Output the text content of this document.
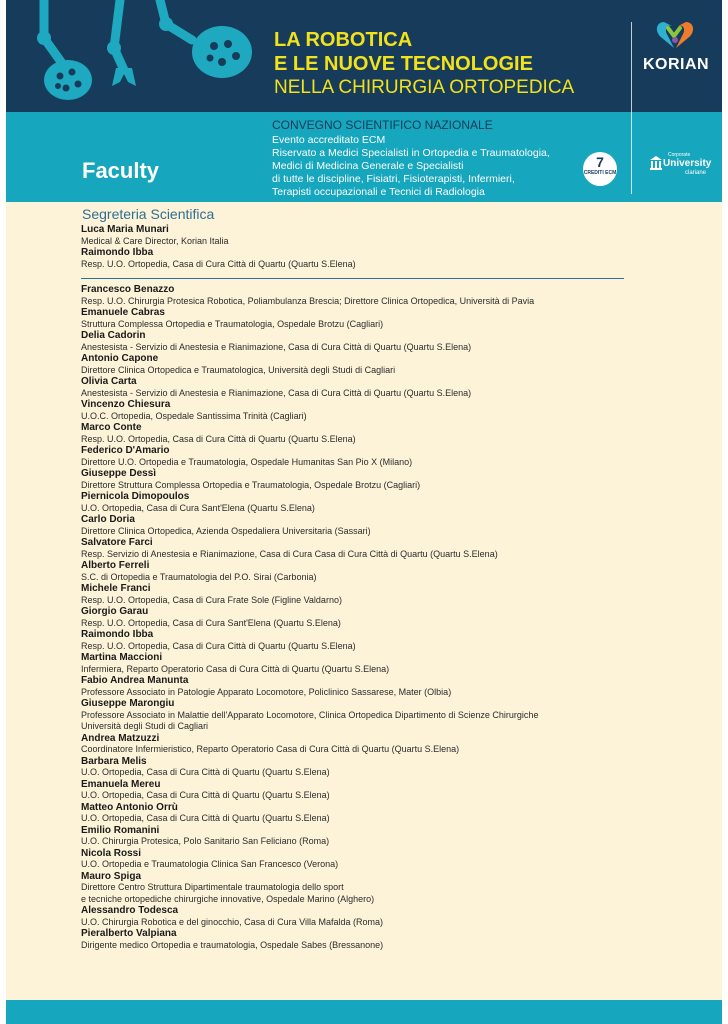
LA ROBOTICA
E LE NUOVE TECNOLOGIE
NELLA CHIRURGIA ORTOPEDICA
KORIAN
Faculty
CONVEGNO SCIENTIFICO NAZIONALE
Evento accreditato ECM
Riservato a Medici Specialisti in Ortopedia e Traumatologia,
Medici di Medicina Generale e Specialisti
di tutte le discipline, Fisiatri, Fisioterapisti, Infermieri,
Terapisti occupazionali e Tecnici di Radiologia
7
CREDITI ECM
Corporate
University
clariane
Segreteria Scientifica
Luca Maria Munari
Medical & Care Director, Korian Italia
Raimondo Ibba
Resp. U.O. Ortopedia, Casa di Cura Città di Quartu (Quartu S.Elena)
Francesco Benazzo
Resp. U.O. Chirurgia Protesica Robotica, Poliambulanza Brescia; Direttore Clinica Ortopedica, Università di Pavia
Emanuele Cabras
Struttura Complessa Ortopedia e Traumatologia, Ospedale Brotzu (Cagliari)
Delia Cadorin
Anestesista - Servizio di Anestesia e Rianimazione, Casa di Cura Città di Quartu (Quartu S.Elena)
Antonio Capone
Direttore Clinica Ortopedica e Traumatologica, Università degli Studi di Cagliari
Olivia Carta
Anestesista - Servizio di Anestesia e Rianimazione, Casa di Cura Città di Quartu (Quartu S.Elena)
Vincenzo Chiesura
U.O.C. Ortopedia, Ospedale Santissima Trinità (Cagliari)
Marco Conte
Resp. U.O. Ortopedia, Casa di Cura Città di Quartu (Quartu S.Elena)
Federico D'Amario
Direttore U.O. Ortopedia e Traumatologia, Ospedale Humanitas San Pio X (Milano)
Giuseppe Dessì
Direttore Struttura Complessa Ortopedia e Traumatologia, Ospedale Brotzu (Cagliari)
Piernicola Dimopoulos
U.O. Ortopedia, Casa di Cura Sant'Elena (Quartu S.Elena)
Carlo Doria
Direttore Clinica Ortopedica, Azienda Ospedaliera Universitaria (Sassari)
Salvatore Farci
Resp. Servizio di Anestesia e Rianimazione, Casa di Cura Casa di Cura Città di Quartu (Quartu S.Elena)
Alberto Ferreli
S.C. di Ortopedia e Traumatologia del P.O. Sirai (Carbonia)
Michele Franci
Resp. U.O. Ortopedia, Casa di Cura Frate Sole (Figline Valdarno)
Giorgio Garau
Resp. U.O. Ortopedia, Casa di Cura Sant'Elena (Quartu S.Elena)
Raimondo Ibba
Resp. U.O. Ortopedia, Casa di Cura Città di Quartu (Quartu S.Elena)
Martina Maccioni
Infermiera, Reparto Operatorio Casa di Cura Città di Quartu (Quartu S.Elena)
Fabio Andrea Manunta
Professore Associato in Patologie Apparato Locomotore, Policlinico Sassarese, Mater (Olbia)
Giuseppe Marongiu
Professore Associato in Malattie dell'Apparato Locomotore, Clinica Ortopedica Dipartimento di Scienze Chirurgiche
Università degli Studi di Cagliari
Andrea Matzuzzi
Coordinatore Infermieristico, Reparto Operatorio Casa di Cura Città di Quartu (Quartu S.Elena)
Barbara Melis
U.O. Ortopedia, Casa di Cura Città di Quartu (Quartu S.Elena)
Emanuela Mereu
U.O. Ortopedia, Casa di Cura Città di Quartu (Quartu S.Elena)
Matteo Antonio Orrù
U.O. Ortopedia, Casa di Cura Città di Quartu (Quartu S.Elena)
Emilio Romanini
U.O. Chirurgia Protesica, Polo Sanitario San Feliciano (Roma)
Nicola Rossi
U.O. Ortopedia e Traumatologia Clinica San Francesco (Verona)
Mauro Spiga
Direttore Centro Struttura Dipartimentale traumatologia dello sport
e tecniche ortopediche chirurgiche innovative, Ospedale Marino (Alghero)
Alessandro Todesca
U.O. Chirurgia Robotica e del ginocchio, Casa di Cura Villa Mafalda (Roma)
Pieralberto Valpiana
Dirigente medico Ortopedia e traumatologia, Ospedale Sabes (Bressanone)
